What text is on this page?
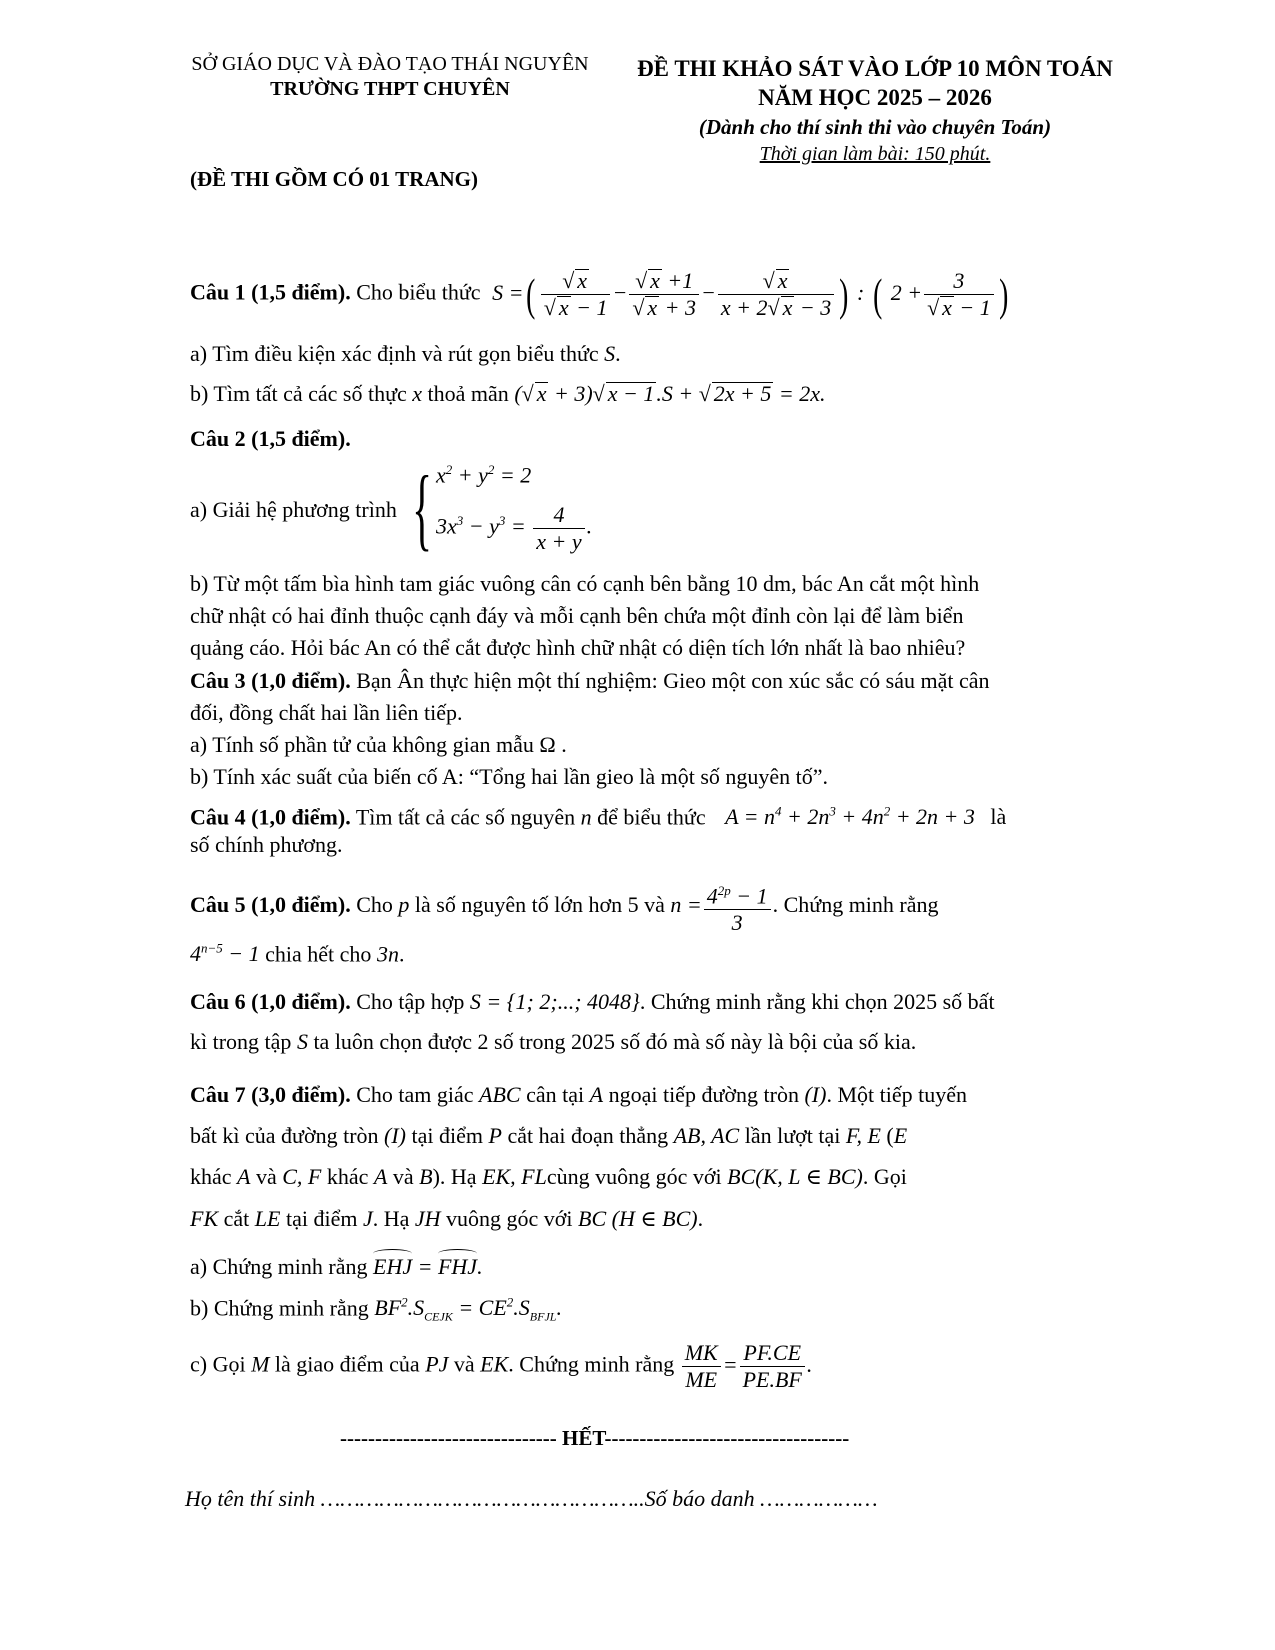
SỞ GIÁO DỤC VÀ ĐÀO TẠO THÁI NGUYÊN
TRƯỜNG THPT CHUYÊN
ĐỀ THI KHẢO SÁT VÀO LỚP 10 MÔN TOÁN
NĂM HỌC 2025 – 2026
(Dành cho thí sinh thi vào chuyên Toán)
Thời gian làm bài: 150 phút.
(ĐỀ THI GỒM CÓ 01 TRANG)
Câu 1 (1,5 điểm). Cho biểu thức S =( $\frac{√ x}{√ x - 1} - \frac{√ x +1}{√ x + 3} - \frac{√ x}{x + 2√ x - 3}$ ) : ( $2 + \frac{3}{√ x - 1}$ )
a) Tìm điều kiện xác định và rút gọn biểu thức S.
b) Tìm tất cả các số thực x thoả mãn (√ x + 3)√ x − 1.S + √ 2x + 5 = 2x.
Câu 2 (1,5 điểm).
a) Giải hệ phương trình { $x^2 + y^2 = 2$
$3x^3 - y^3 = \frac{4}{x + y}$ .
b) Từ một tấm bìa hình tam giác vuông cân có cạnh bên bằng 10 dm, bác An cắt một hình
chữ nhật có hai đỉnh thuộc cạnh đáy và mỗi cạnh bên chứa một đỉnh còn lại để làm biển
quảng cáo. Hỏi bác An có thể cắt được hình chữ nhật có diện tích lớn nhất là bao nhiêu?
Câu 3 (1,0 điểm). Bạn Ân thực hiện một thí nghiệm: Gieo một con xúc sắc có sáu mặt cân
đối, đồng chất hai lần liên tiếp.
a) Tính số phần tử của không gian mẫu Ω .
b) Tính xác suất của biến cố A: “Tổng hai lần gieo là một số nguyên tố”.
Câu 4 (1,0 điểm). Tìm tất cả các số nguyên n để biểu thức $A = n^4 + 2n^3 + 4n^2 + 2n + 3$ là
số chính phương.
Câu 5 (1,0 điểm). Cho p là số nguyên tố lớn hơn 5 và $n = \frac{4^{2p} - 1}{3}$ . Chứng minh rằng
$4^{n-5} - 1$ chia hết cho 3n.
Câu 6 (1,0 điểm). Cho tập hợp S = {1; 2;...; 4048}. Chứng minh rằng khi chọn 2025 số bất
kì trong tập S ta luôn chọn được 2 số trong 2025 số đó mà số này là bội của số kia.
Câu 7 (3,0 điểm). Cho tam giác ABC cân tại A ngoại tiếp đường tròn (I). Một tiếp tuyến
bất kì của đường tròn (I) tại điểm P cắt hai đoạn thẳng AB, AC lần lượt tại F, E (E
khác A và C, F khác A và B). Hạ EK, FLcùng vuông góc với BC(K, L ∈ BC). Gọi
FK cắt LE tại điểm J. Hạ JH vuông góc với BC (H ∈ BC).
a) Chứng minh rằng EHJ = FHJ.
b) Chứng minh rằng $BF^2.S_{CEJK} = CE^2.S_{BFJL}$.
c) Gọi M là giao điểm của PJ và EK. Chứng minh rằng $\frac{MK}{ME} = \frac{PF.CE}{PE.BF}$ .
------------------------------- HẾT-----------------------------------
Họ tên thí sinh …………………………………………..Số báo danh ………………
